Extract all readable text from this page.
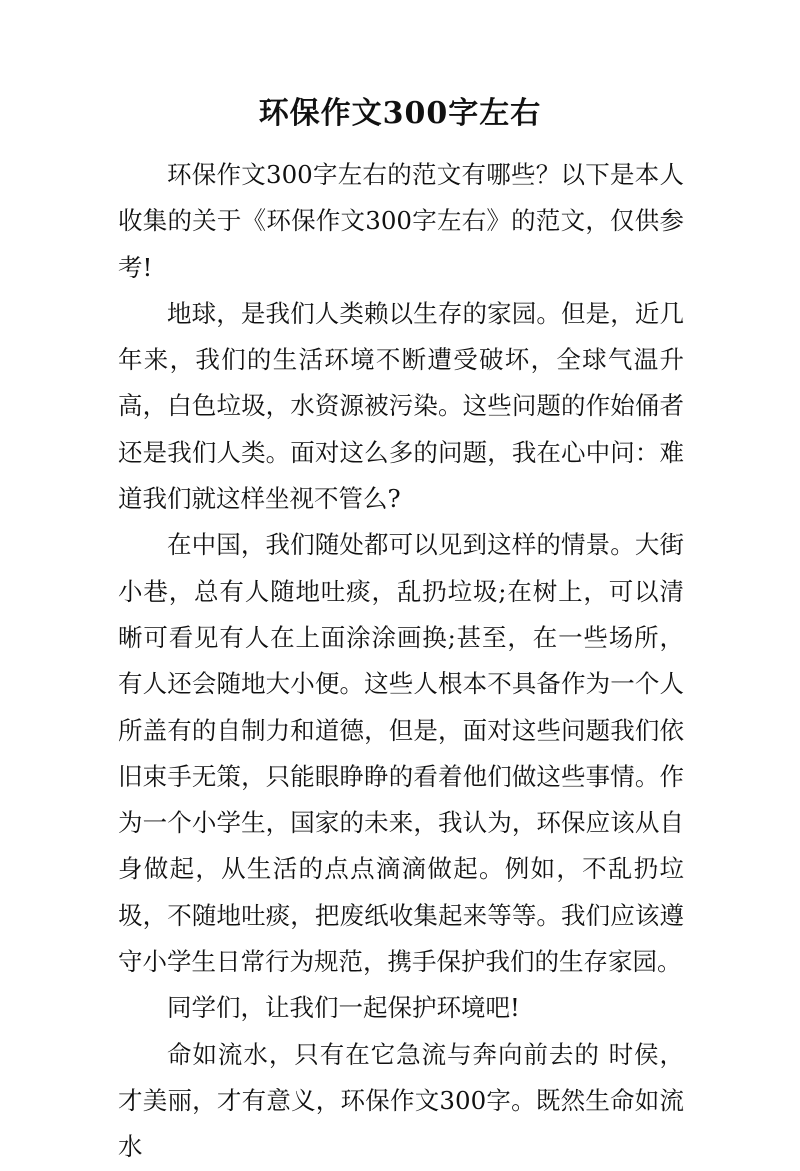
环保作文300字左右

环保作文300字左右的范文有哪些？以下是本人收集的关于《环保作文300字左右》的范文，仅供参考!

地球，是我们人类赖以生存的家园。但是，近几年来，我们的生活环境不断遭受破坏，全球气温升高，白色垃圾，水资源被污染。这些问题的作始俑者还是我们人类。面对这么多的问题，我在心中问：难道我们就这样坐视不管么?

在中国，我们随处都可以见到这样的情景。大街小巷，总有人随地吐痰，乱扔垃圾;在树上，可以清晰可看见有人在上面涂涂画换;甚至，在一些场所，有人还会随地大小便。这些人根本不具备作为一个人所盖有的自制力和道德，但是，面对这些问题我们依旧束手无策，只能眼睁睁的看着他们做这些事情。作为一个小学生，国家的未来，我认为，环保应该从自身做起，从生活的点点滴滴做起。例如，不乱扔垃圾，不随地吐痰，把废纸收集起来等等。我们应该遵守小学生日常行为规范，携手保护我们的生存家园。

同学们，让我们一起保护环境吧!

命如流水，只有在它急流与奔向前去的 时侯，才美丽，才有意义，环保作文300字。既然生命如流水
